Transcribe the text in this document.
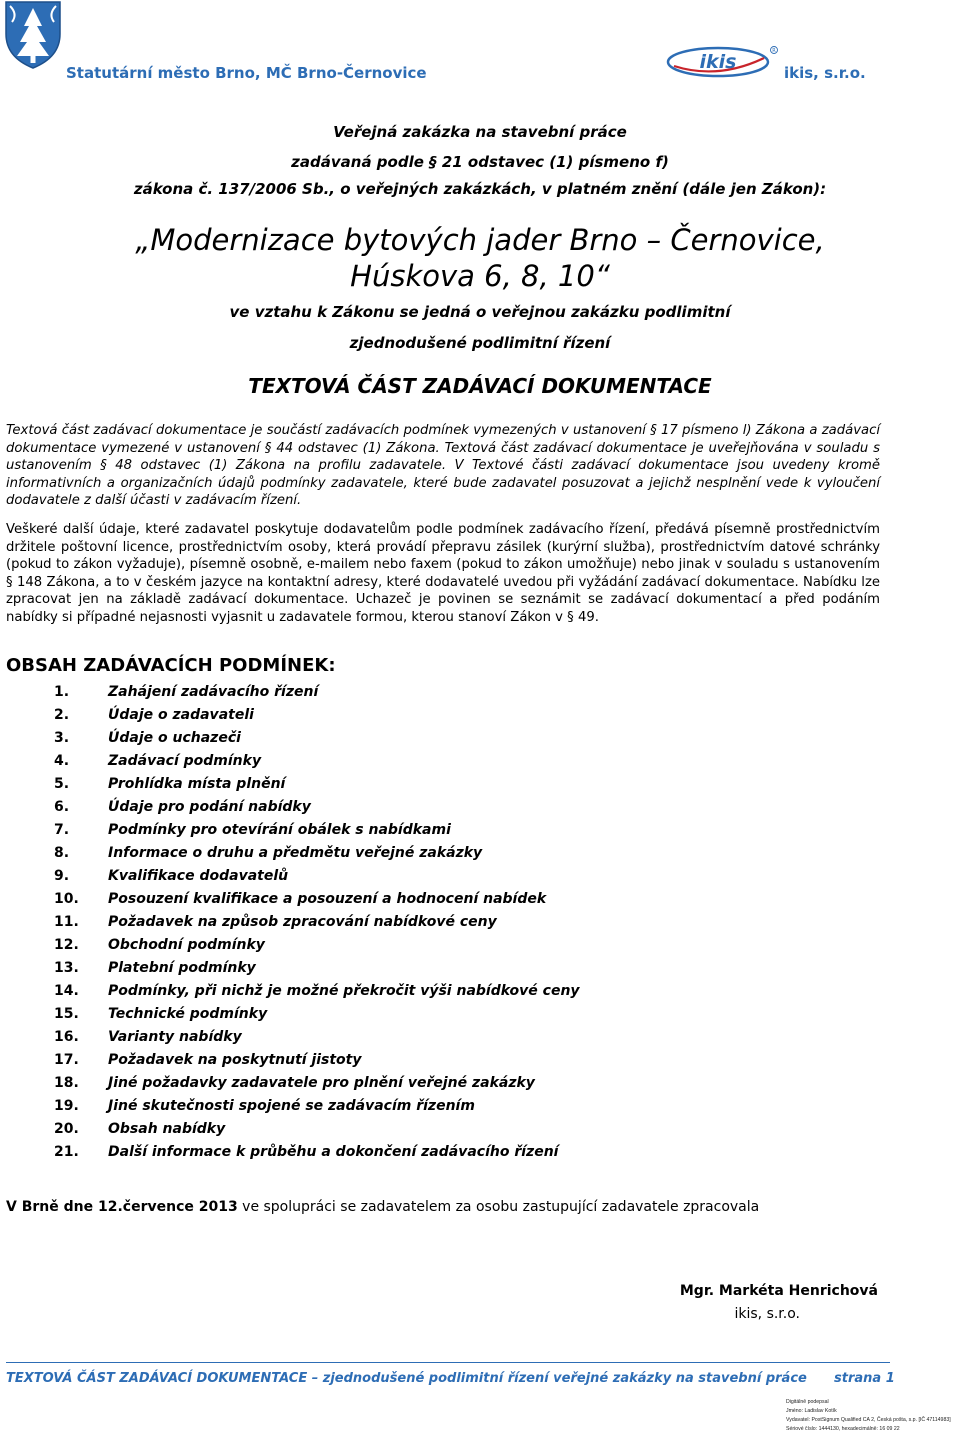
Statutární město Brno, MČ Brno-Černovice	ikis	R
ikis, s.r.o.
Veřejná zakázka na stavební práce
zadávaná podle § 21 odstavec (1) písmeno f)
zákona č. 137/2006 Sb., o veřejných zakázkách, v platném znění (dále jen Zákon):
„Modernizace bytových jader Brno – Černovice,
Húskova 6, 8, 10“
ve vztahu k Zákonu se jedná o veřejnou zakázku podlimitní
zjednodušené podlimitní řízení
TEXTOVÁ ČÁST ZADÁVACÍ DOKUMENTACE
Textová část zadávací dokumentace je součástí zadávacích podmínek vymezených v ustanovení § 17 písmeno l) Zákona a zadávací dokumentace vymezené v ustanovení § 44 odstavec (1) Zákona. Textová část zadávací dokumentace je uveřejňována v souladu s ustanovením § 48 odstavec (1) Zákona na profilu zadavatele. V Textové části zadávací dokumentace jsou uvedeny kromě informativních a organizačních údajů podmínky zadavatele, které bude zadavatel posuzovat a jejichž nesplnění vede k vyloučení dodavatele z další účasti v zadávacím řízení.
Veškeré další údaje, které zadavatel poskytuje dodavatelům podle podmínek zadávacího řízení, předává písemně prostřednictvím držitele poštovní licence, prostřednictvím osoby, která provádí přepravu zásilek (kurýrní služba), prostřednictvím datové schránky (pokud to zákon vyžaduje), písemně osobně, e-mailem nebo faxem (pokud to zákon umožňuje) nebo jinak v souladu s ustanovením § 148 Zákona, a to v českém jazyce na kontaktní adresy, které dodavatelé uvedou při vyžádání zadávací dokumentace. Nabídku lze zpracovat jen na základě zadávací dokumentace. Uchazeč je povinen se seznámit se zadávací dokumentací a před podáním nabídky si případné nejasnosti vyjasnit u zadavatele formou, kterou stanoví Zákon v § 49.
OBSAH ZADÁVACÍCH PODMÍNEK:
1.	Zahájení zadávacího řízení
2.	Údaje o zadavateli
3.	Údaje o uchazeči
4.	Zadávací podmínky
5.	Prohlídka místa plnění
6.	Údaje pro podání nabídky
7.	Podmínky pro otevírání obálek s nabídkami
8.	Informace o druhu a předmětu veřejné zakázky
9.	Kvalifikace dodavatelů
10. Posouzení kvalifikace a posouzení a hodnocení nabídek
11. Požadavek na způsob zpracování nabídkové ceny
12. Obchodní podmínky
13. Platební podmínky
14. Podmínky, při nichž je možné překročit výši nabídkové ceny
15. Technické podmínky
16. Varianty nabídky
17. Požadavek na poskytnutí jistoty
18. Jiné požadavky zadavatele pro plnění veřejné zakázky
19. Jiné skutečnosti spojené se zadávacím řízením
20. Obsah nabídky
21. Další informace k průběhu a dokončení zadávacího řízení
V Brně dne 12.července 2013 ve spolupráci se zadavatelem za osobu zastupující zadavatele zpracovala
Mgr. Markéta Henrichová
ikis, s.r.o.
TEXTOVÁ ČÁST ZADÁVACÍ DOKUMENTACE – zjednodušené podlimitní řízení veřejné zakázky na stavební práce strana 1
Digitálně podepsal
Jméno: Ladislav Kotík
Vydavatel: PostSignum Qualified CA 2, Česká pošta, s.p. [IČ 47114983]
Sériové číslo: 1444130, hexadecimálně: 16 09 22
